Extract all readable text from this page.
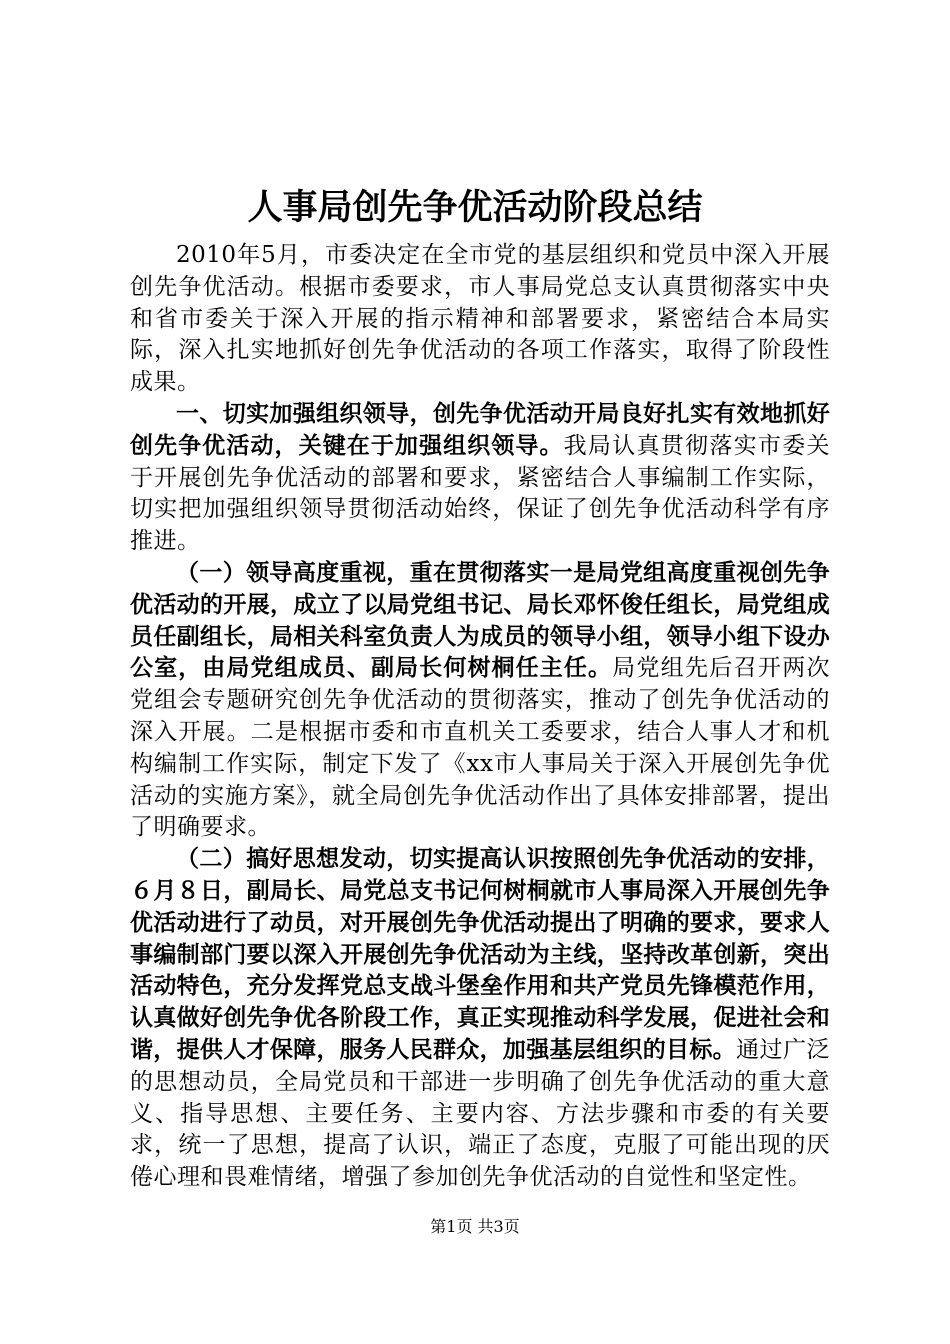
人事局创先争优活动阶段总结

2010年5月，市委决定在全市党的基层组织和党员中深入开展创先争优活动。根据市委要求，市人事局党总支认真贯彻落实中央和省市委关于深入开展的指示精神和部署要求，紧密结合本局实际，深入扎实地抓好创先争优活动的各项工作落实，取得了阶段性成果。

一、切实加强组织领导，创先争优活动开局良好扎实有效地抓好创先争优活动，关键在于加强组织领导。我局认真贯彻落实市委关于开展创先争优活动的部署和要求，紧密结合人事编制工作实际，切实把加强组织领导贯彻活动始终，保证了创先争优活动科学有序推进。

（一）领导高度重视，重在贯彻落实一是局党组高度重视创先争优活动的开展，成立了以局党组书记、局长邓怀俊任组长，局党组成员任副组长，局相关科室负责人为成员的领导小组，领导小组下设办公室，由局党组成员、副局长何树桐任主任。局党组先后召开两次党组会专题研究创先争优活动的贯彻落实，推动了创先争优活动的深入开展。二是根据市委和市直机关工委要求，结合人事人才和机构编制工作实际，制定下发了《xx市人事局关于深入开展创先争优活动的实施方案》，就全局创先争优活动作出了具体安排部署，提出了明确要求。

（二）搞好思想发动，切实提高认识按照创先争优活动的安排，６月８日，副局长、局党总支书记何树桐就市人事局深入开展创先争优活动进行了动员，对开展创先争优活动提出了明确的要求，要求人事编制部门要以深入开展创先争优活动为主线，坚持改革创新，突出活动特色，充分发挥党总支战斗堡垒作用和共产党员先锋模范作用，认真做好创先争优各阶段工作，真正实现推动科学发展，促进社会和谐，提供人才保障，服务人民群众，加强基层组织的目标。通过广泛的思想动员，全局党员和干部进一步明确了创先争优活动的重大意义、指导思想、主要任务、主要内容、方法步骤和市委的有关要求，统一了思想，提高了认识，端正了态度，克服了可能出现的厌倦心理和畏难情绪，增强了参加创先争优活动的自觉性和坚定性。

第1页 共3页
